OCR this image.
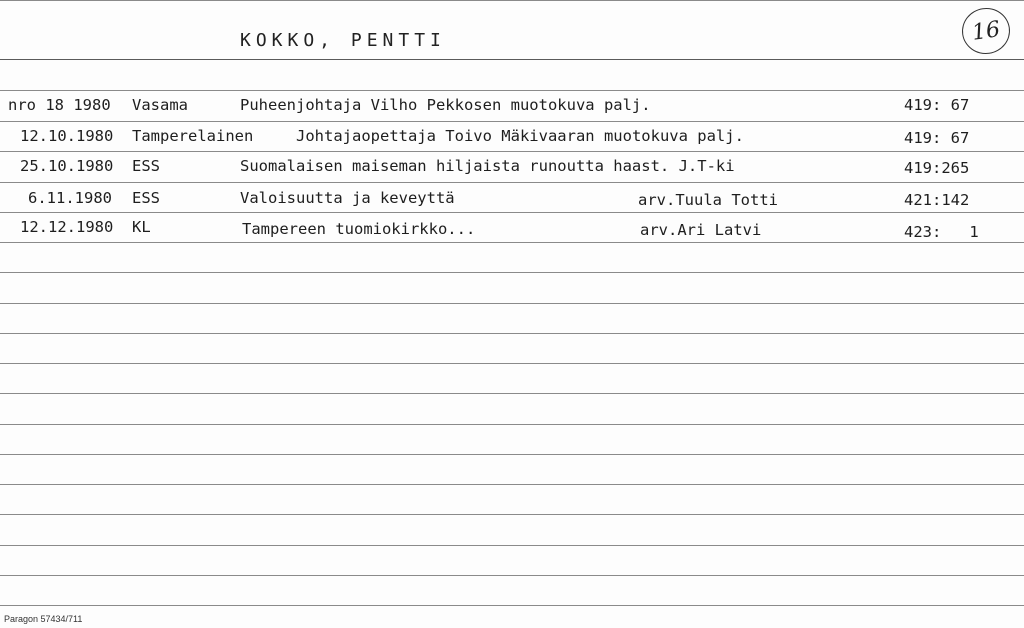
KOKKO, PENTTI	16
nro 18 1980 Vasama	Puheenjohtaja Vilho Pekkosen muotokuva palj.	419: 67
12.10.1980 Tamperelainen	Johtajaopettaja Toivo Mäkivaaran muotokuva palj.	419: 67
25.10.1980 ESS	Suomalaisen maiseman hiljaista runoutta haast. J.T-ki	419:265
6.11.1980 ESS	Valoisuutta ja keveyttä	arv.Tuula Totti	421:142
12.12.1980 KL	Tampereen tuomiokirkko...	arv.Ari Latvi	423:   1
Paragon 57434/711
